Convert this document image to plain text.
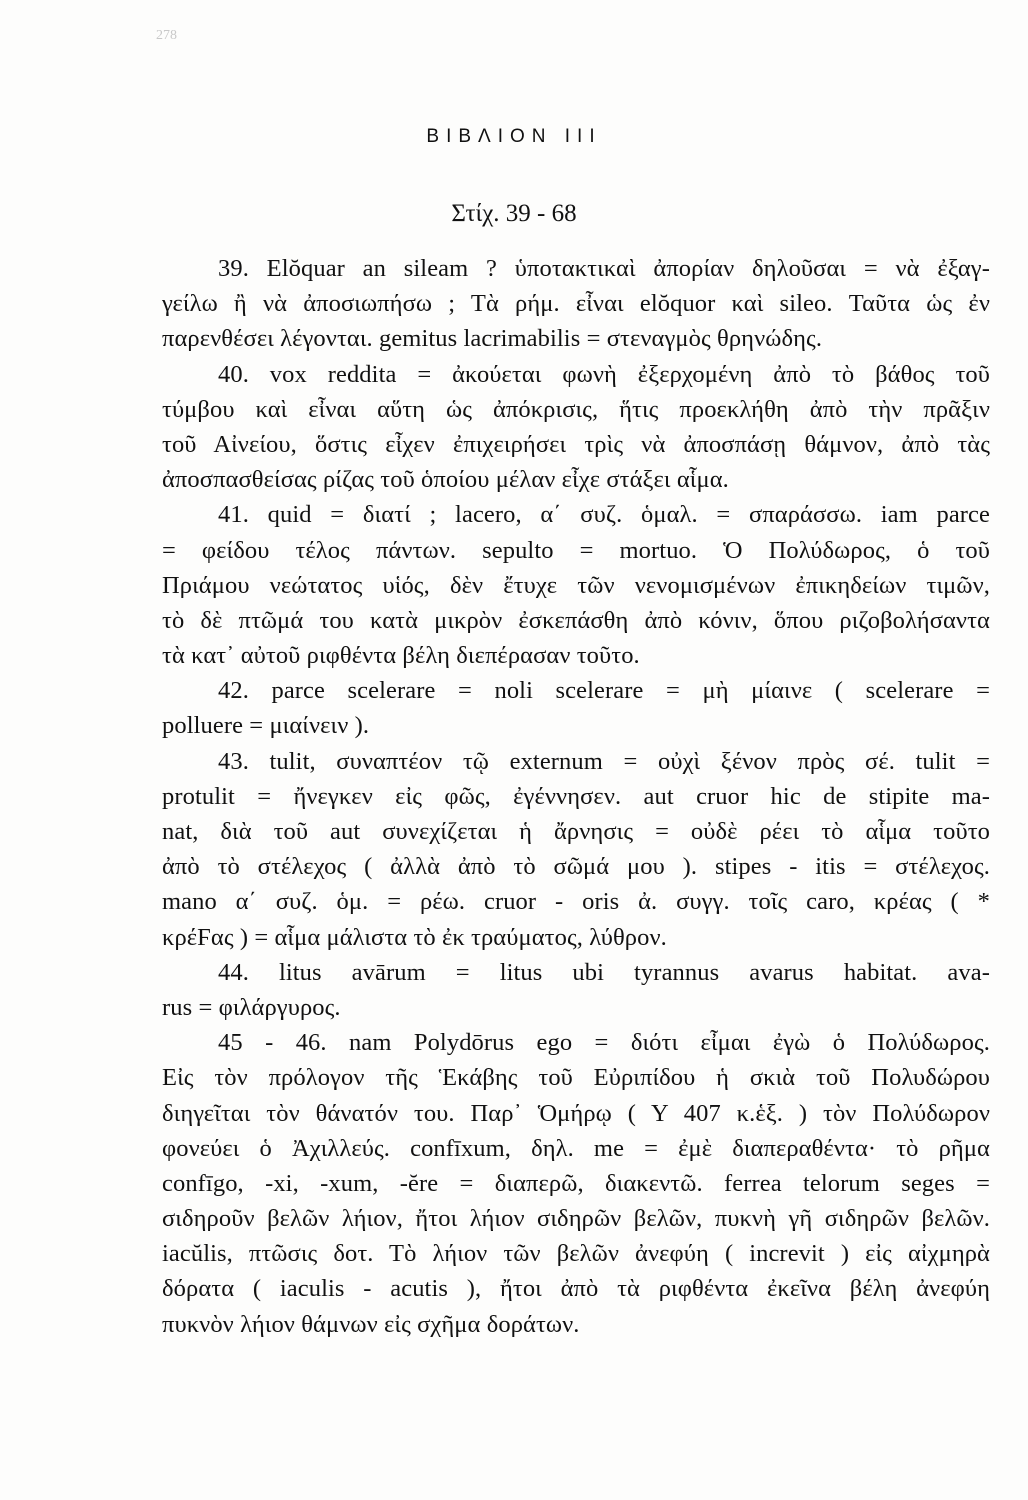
278
ΒΙΒΛΙΟΝ III
Στίχ. 39 - 68
39. Elŏquar an sileam ? ὑποτακτικαὶ ἀπορίαν δηλοῦσαι = νὰ ἐξαγ-
γείλω ἢ νὰ ἀποσιωπήσω ; Τὰ ρήμ. εἶναι elŏquor καὶ sileo. Ταῦτα ὡς ἐν
παρενθέσει λέγονται. gemitus lacrimabilis = στεναγμὸς θρηνώδης.
40. vox reddita = ἀκούεται φωνὴ ἐξερχομένη ἀπὸ τὸ βάθος τοῦ
τύμβου καὶ εἶναι αὕτη ὡς ἀπόκρισις, ἥτις προεκλήθη ἀπὸ τὴν πρᾶξιν
τοῦ Αἰνείου, ὅστις εἶχεν ἐπιχειρήσει τρὶς νὰ ἀποσπάσῃ θάμνον, ἀπὸ τὰς
ἀποσπασθείσας ρίζας τοῦ ὁποίου μέλαν εἶχε στάξει αἷμα.
41. quid = διατί ; lacero, α΄ συζ. ὁμαλ. = σπαράσσω. iam parce
= φείδου τέλος πάντων. sepulto = mortuo. Ὁ Πολύδωρος, ὁ τοῦ
Πριάμου νεώτατος υἱός, δὲν ἔτυχε τῶν νενομισμένων ἐπικηδείων τιμῶν,
τὸ δὲ πτῶμά του κατὰ μικρὸν ἐσκεπάσθη ἀπὸ κόνιν, ὅπου ριζοβολήσαντα
τὰ κατ᾿ αὐτοῦ ριφθέντα βέλη διεπέρασαν τοῦτο.
42. parce scelerare = noli scelerare = μὴ μίαινε ( scelerare =
polluere = μιαίνειν ).
43. tulit, συναπτέον τῷ externum = οὐχὶ ξένον πρὸς σέ. tulit =
protulit = ἤνεγκεν εἰς φῶς, ἐγέννησεν. aut cruor hic de stipite ma-
nat, διὰ τοῦ aut συνεχίζεται ἡ ἄρνησις = οὐδὲ ρέει τὸ αἷμα τοῦτο
ἀπὸ τὸ στέλεχος ( ἀλλὰ ἀπὸ τὸ σῶμά μου ). stipes - itis = στέλεχος.
mano α΄ συζ. ὁμ. = ρέω. cruor - oris ἀ. συγγ. τοῖς caro, κρέας ( *
κρέϜας ) = αἷμα μάλιστα τὸ ἐκ τραύματος, λύθρον.
44. litus avārum = litus ubi tyrannus avarus habitat. ava-
rus = φιλάργυρος.
45 - 46. nam Polydōrus ego = διότι εἶμαι ἐγὼ ὁ Πολύδωρος.
Εἰς τὸν πρόλογον τῆς Ἑκάβης τοῦ Εὐριπίδου ἡ σκιὰ τοῦ Πολυδώρου
διηγεῖται τὸν θάνατόν του. Παρ᾿ Ὁμήρῳ ( Υ 407 κ.ἑξ. ) τὸν Πολύδωρον
φονεύει ὁ Ἀχιλλεύς. confīxum, δηλ. me = ἐμὲ διαπεραθέντα· τὸ ρῆμα
confīgo, -xi, -xum, -ĕre = διαπερῶ, διακεντῶ. ferrea telorum seges =
σιδηροῦν βελῶν λήιον, ἤτοι λήιον σιδηρῶν βελῶν, πυκνὴ γῆ σιδηρῶν βελῶν.
iacŭlis, πτῶσις δοτ. Τὸ λήιον τῶν βελῶν ἀνεφύη ( increvit ) εἰς αἰχμηρὰ
δόρατα ( iaculis - acutis ), ἤτοι ἀπὸ τὰ ριφθέντα ἐκεῖνα βέλη ἀνεφύη
πυκνὸν λήιον θάμνων εἰς σχῆμα δοράτων.
